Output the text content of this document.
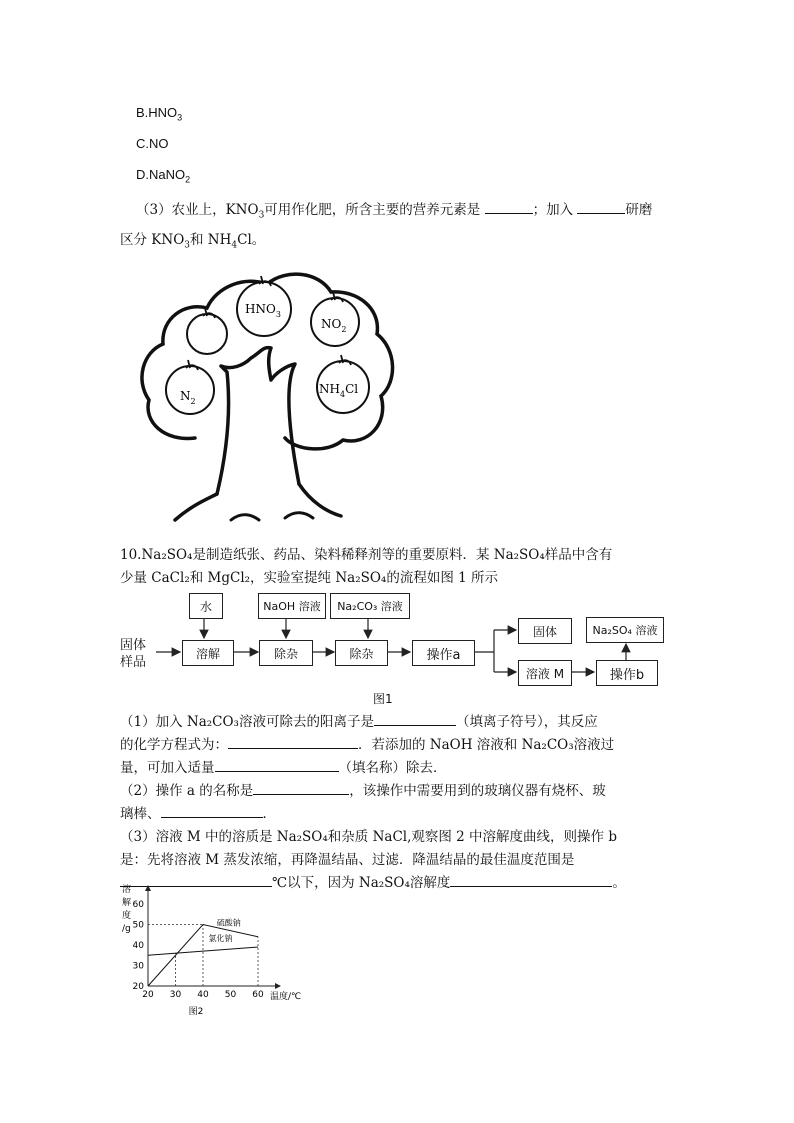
$B.HNO_3$
C.NO
D.NaNO$_2$
（3）农业上，$KNO_3$可用作化肥，所含主要的营养元素是	；加入	研磨
区分 $KNO_3$和 $NH_4Cl$。
$HNO_3$
$NO_2$
$N_2$
$NH_4Cl$
10.Na₂SO₄是制造纸张、药品、染料稀释剂等的重要原料．某 Na₂SO₄样品中含有
少量 CaCl₂和 MgCl₂，实验室提纯 Na₂SO₄的流程如图 1 所示
固体
样品
水	NaOH 溶液	Na₂CO₃ 溶液
溶解	除杂	除杂	操作a
固体
溶液 M	操作b
Na₂SO₄ 溶液
图1
（1）加入 Na₂CO₃溶液可除去的阳离子是	（填离子符号），其反应
的化学方程式为：	．若添加的 NaOH 溶液和 Na₂CO₃溶液过
量，可加入适量	（填名称）除去．
（2）操作 a 的名称是	，该操作中需要用到的玻璃仪器有烧杯、玻
璃棒、	．
（3）溶液 M 中的溶质是 Na₂SO₄和杂质 NaCl,观察图 2 中溶解度曲线，则操作 b
是：先将溶液 M 蒸发浓缩，再降温结晶、过滤．降温结晶的最佳温度范围是
℃以下，因为 Na₂SO₄溶解度	。
溶
解
度
/g
20
30
40
50
60
20 30 40 50 60 温度/℃
硫酸钠
氯化钠
图2
